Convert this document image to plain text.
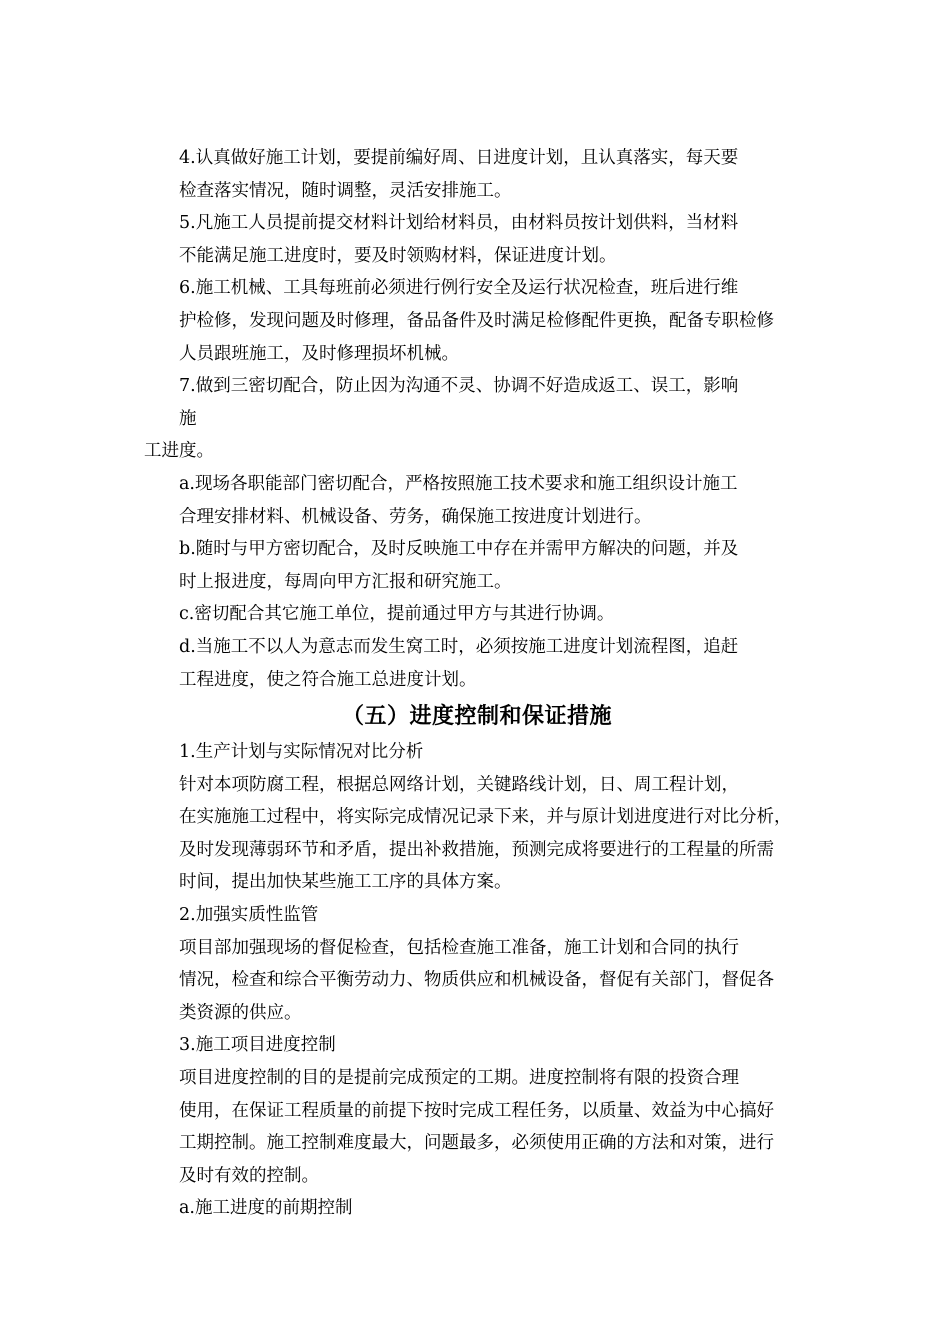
4.认真做好施工计划，要提前编好周、日进度计划，且认真落实，每天要
检查落实情况，随时调整，灵活安排施工。

5.凡施工人员提前提交材料计划给材料员，由材料员按计划供料，当材料
不能满足施工进度时，要及时领购材料，保证进度计划。

6.施工机械、工具每班前必须进行例行安全及运行状况检查，班后进行维
护检修，发现问题及时修理，备品备件及时满足检修配件更换，配备专职检修
人员跟班施工，及时修理损坏机械。

7.做到三密切配合，防止因为沟通不灵、协调不好造成返工、误工，影响
施

工进度。

a.现场各职能部门密切配合，严格按照施工技术要求和施工组织设计施工
合理安排材料、机械设备、劳务，确保施工按进度计划进行。

b.随时与甲方密切配合，及时反映施工中存在并需甲方解决的问题，并及
时上报进度，每周向甲方汇报和研究施工。

c.密切配合其它施工单位，提前通过甲方与其进行协调。

d.当施工不以人为意志而发生窝工时，必须按施工进度计划流程图，追赶
工程进度，使之符合施工总进度计划。

（五）进度控制和保证措施

1.生产计划与实际情况对比分析

针对本项防腐工程，根据总网络计划，关键路线计划，日、周工程计划，
在实施施工过程中，将实际完成情况记录下来，并与原计划进度进行对比分析，
及时发现薄弱环节和矛盾，提出补救措施，预测完成将要进行的工程量的所需
时间，提出加快某些施工工序的具体方案。

2.加强实质性监管

项目部加强现场的督促检查，包括检查施工准备，施工计划和合同的执行
情况，检查和综合平衡劳动力、物质供应和机械设备，督促有关部门，督促各
类资源的供应。

3.施工项目进度控制

项目进度控制的目的是提前完成预定的工期。进度控制将有限的投资合理
使用，在保证工程质量的前提下按时完成工程任务，以质量、效益为中心搞好
工期控制。施工控制难度最大，问题最多，必须使用正确的方法和对策，进行
及时有效的控制。

a.施工进度的前期控制
